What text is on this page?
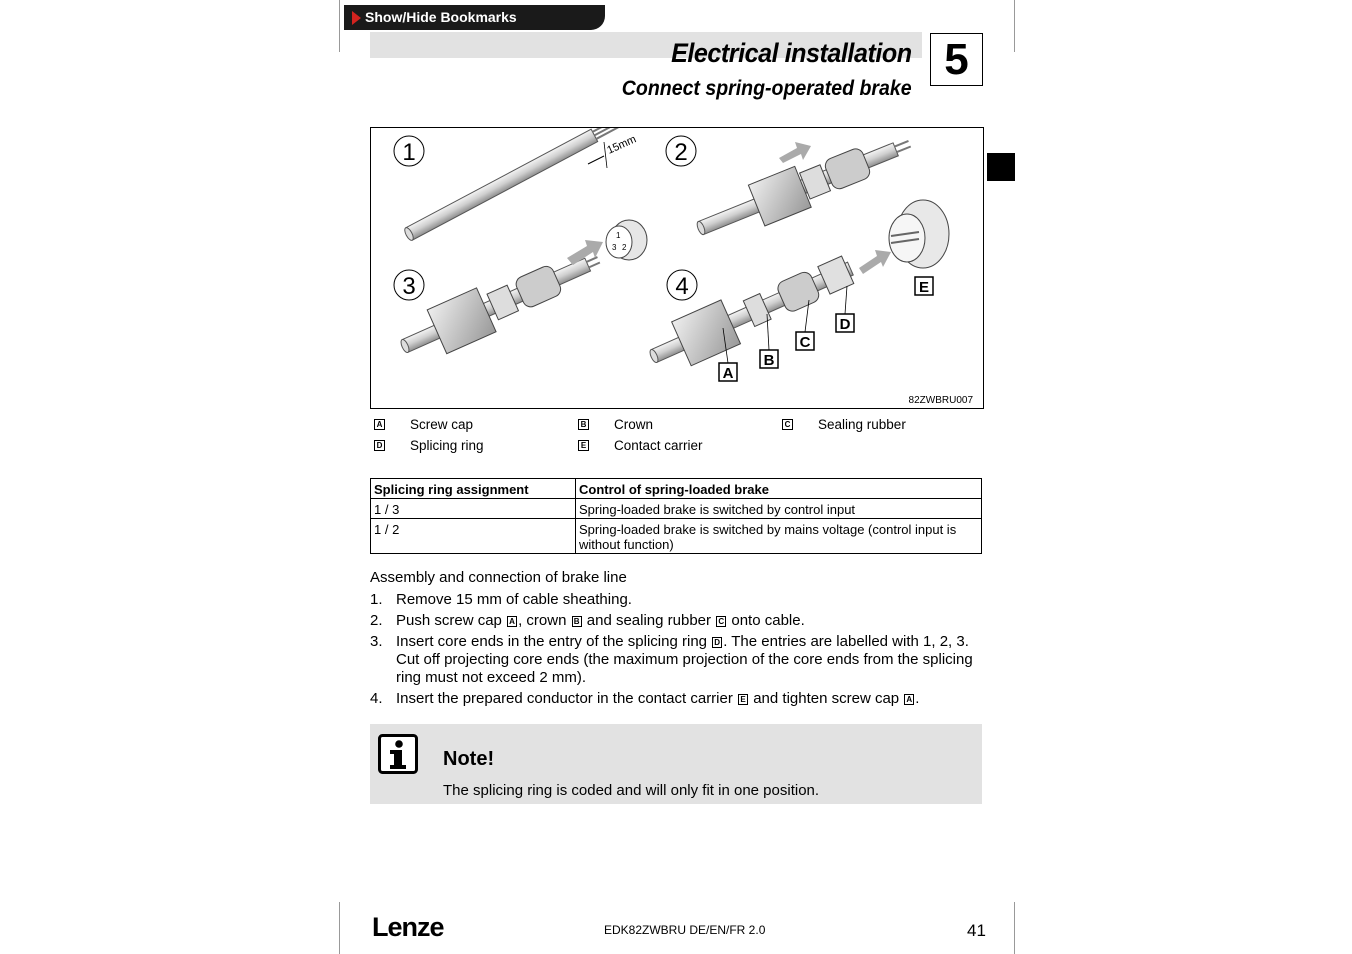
Show/Hide Bookmarks
Electrical installation
Connect spring-operated brake
5
1	2
3	4
15mm
1
3 2
A
B
C
D
E
82ZWBRU007
A Screw cap	B Crown	C Sealing rubber
D Splicing ring	E Contact carrier
Splicing ring assignment	Control of spring-loaded brake
1 / 3	Spring-loaded brake is switched by control input
1 / 2	Spring-loaded brake is switched by mains voltage (control input is without function)
Assembly and connection of brake line
1. Remove 15 mm of cable sheathing.
2. Push screw cap A , crown B and sealing rubber C onto cable.
3. Insert core ends in the entry of the splicing ring D . The entries are labelled with 1, 2, 3. Cut off projecting core ends (the maximum projection of the core ends from the splicing ring must not exceed 2 mm).
4. Insert the prepared conductor in the contact carrier E and tighten screw cap A .
Note!
The splicing ring is coded and will only fit in one position.
Lenze	EDK82ZWBRU DE/EN/FR 2.0	41
